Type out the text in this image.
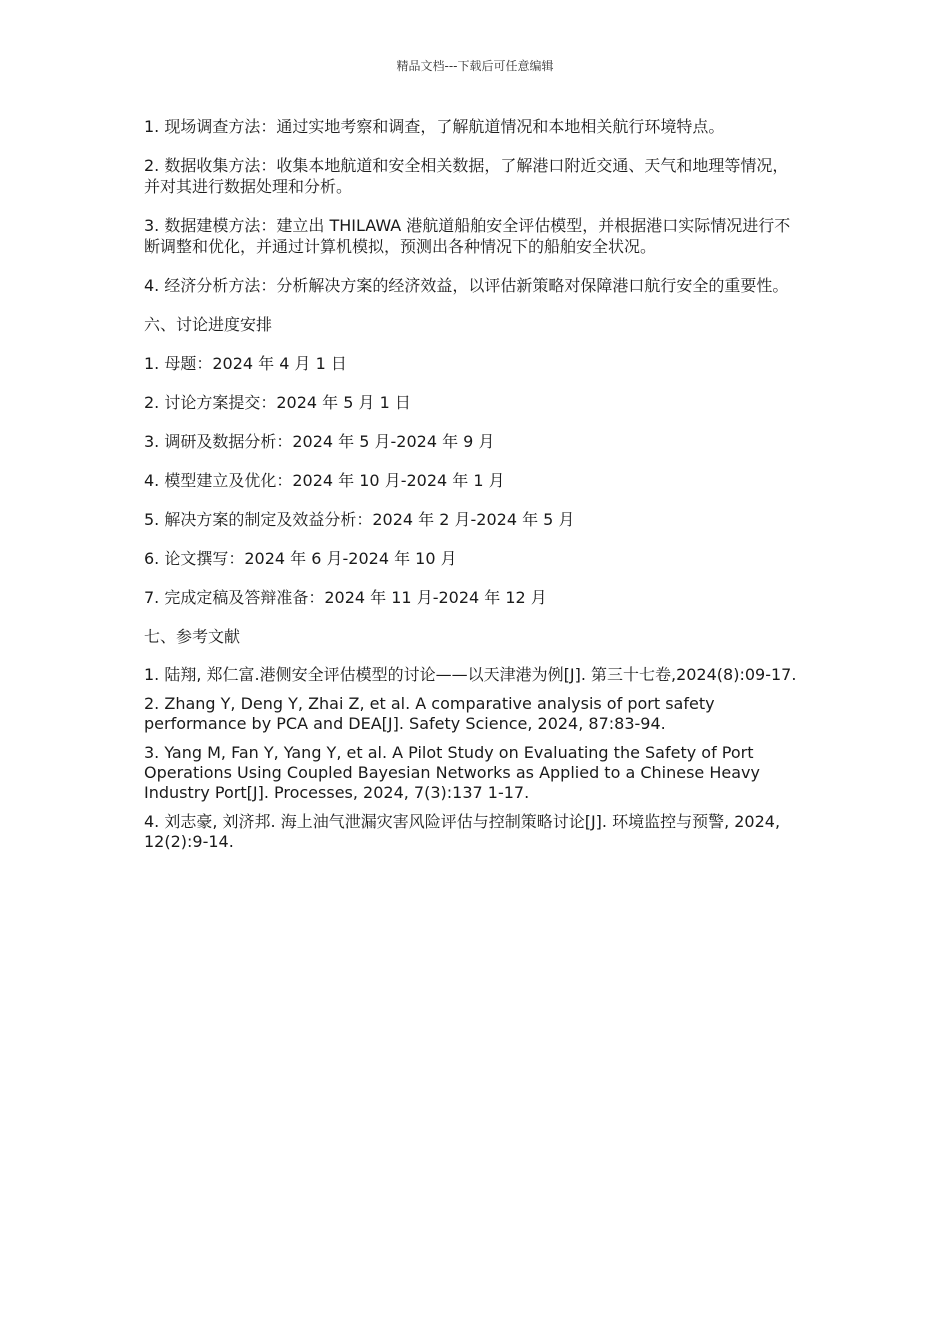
精品文档---下载后可任意编辑

1. 现场调查方法：通过实地考察和调查，了解航道情况和本地相关航行环境特点。

2. 数据收集方法：收集本地航道和安全相关数据，了解港口附近交通、天气和地理等情况，并对其进行数据处理和分析。

3. 数据建模方法：建立出 THILAWA 港航道船舶安全评估模型，并根据港口实际情况进行不断调整和优化，并通过计算机模拟，预测出各种情况下的船舶安全状况。

4. 经济分析方法：分析解决方案的经济效益，以评估新策略对保障港口航行安全的重要性。

六、讨论进度安排

1. 母题：2024 年 4 月 1 日

2. 讨论方案提交：2024 年 5 月 1 日

3. 调研及数据分析：2024 年 5 月-2024 年 9 月

4. 模型建立及优化：2024 年 10 月-2024 年 1 月

5. 解决方案的制定及效益分析：2024 年 2 月-2024 年 5 月

6. 论文撰写：2024 年 6 月-2024 年 10 月

7. 完成定稿及答辩准备：2024 年 11 月-2024 年 12 月

七、参考文献

1. 陆翔, 郑仁富.港侧安全评估模型的讨论——以天津港为例[J]. 第三十七卷,2024(8):09-17.

2. Zhang Y, Deng Y, Zhai Z, et al. A comparative analysis of port safety performance by PCA and DEA[J]. Safety Science, 2024, 87:83-94.

3. Yang M, Fan Y, Yang Y, et al. A Pilot Study on Evaluating the Safety of Port Operations Using Coupled Bayesian Networks as Applied to a Chinese Heavy Industry Port[J]. Processes, 2024, 7(3):137 1-17.

4. 刘志豪, 刘济邦. 海上油气泄漏灾害风险评估与控制策略讨论[J]. 环境监控与预警, 2024, 12(2):9-14.
